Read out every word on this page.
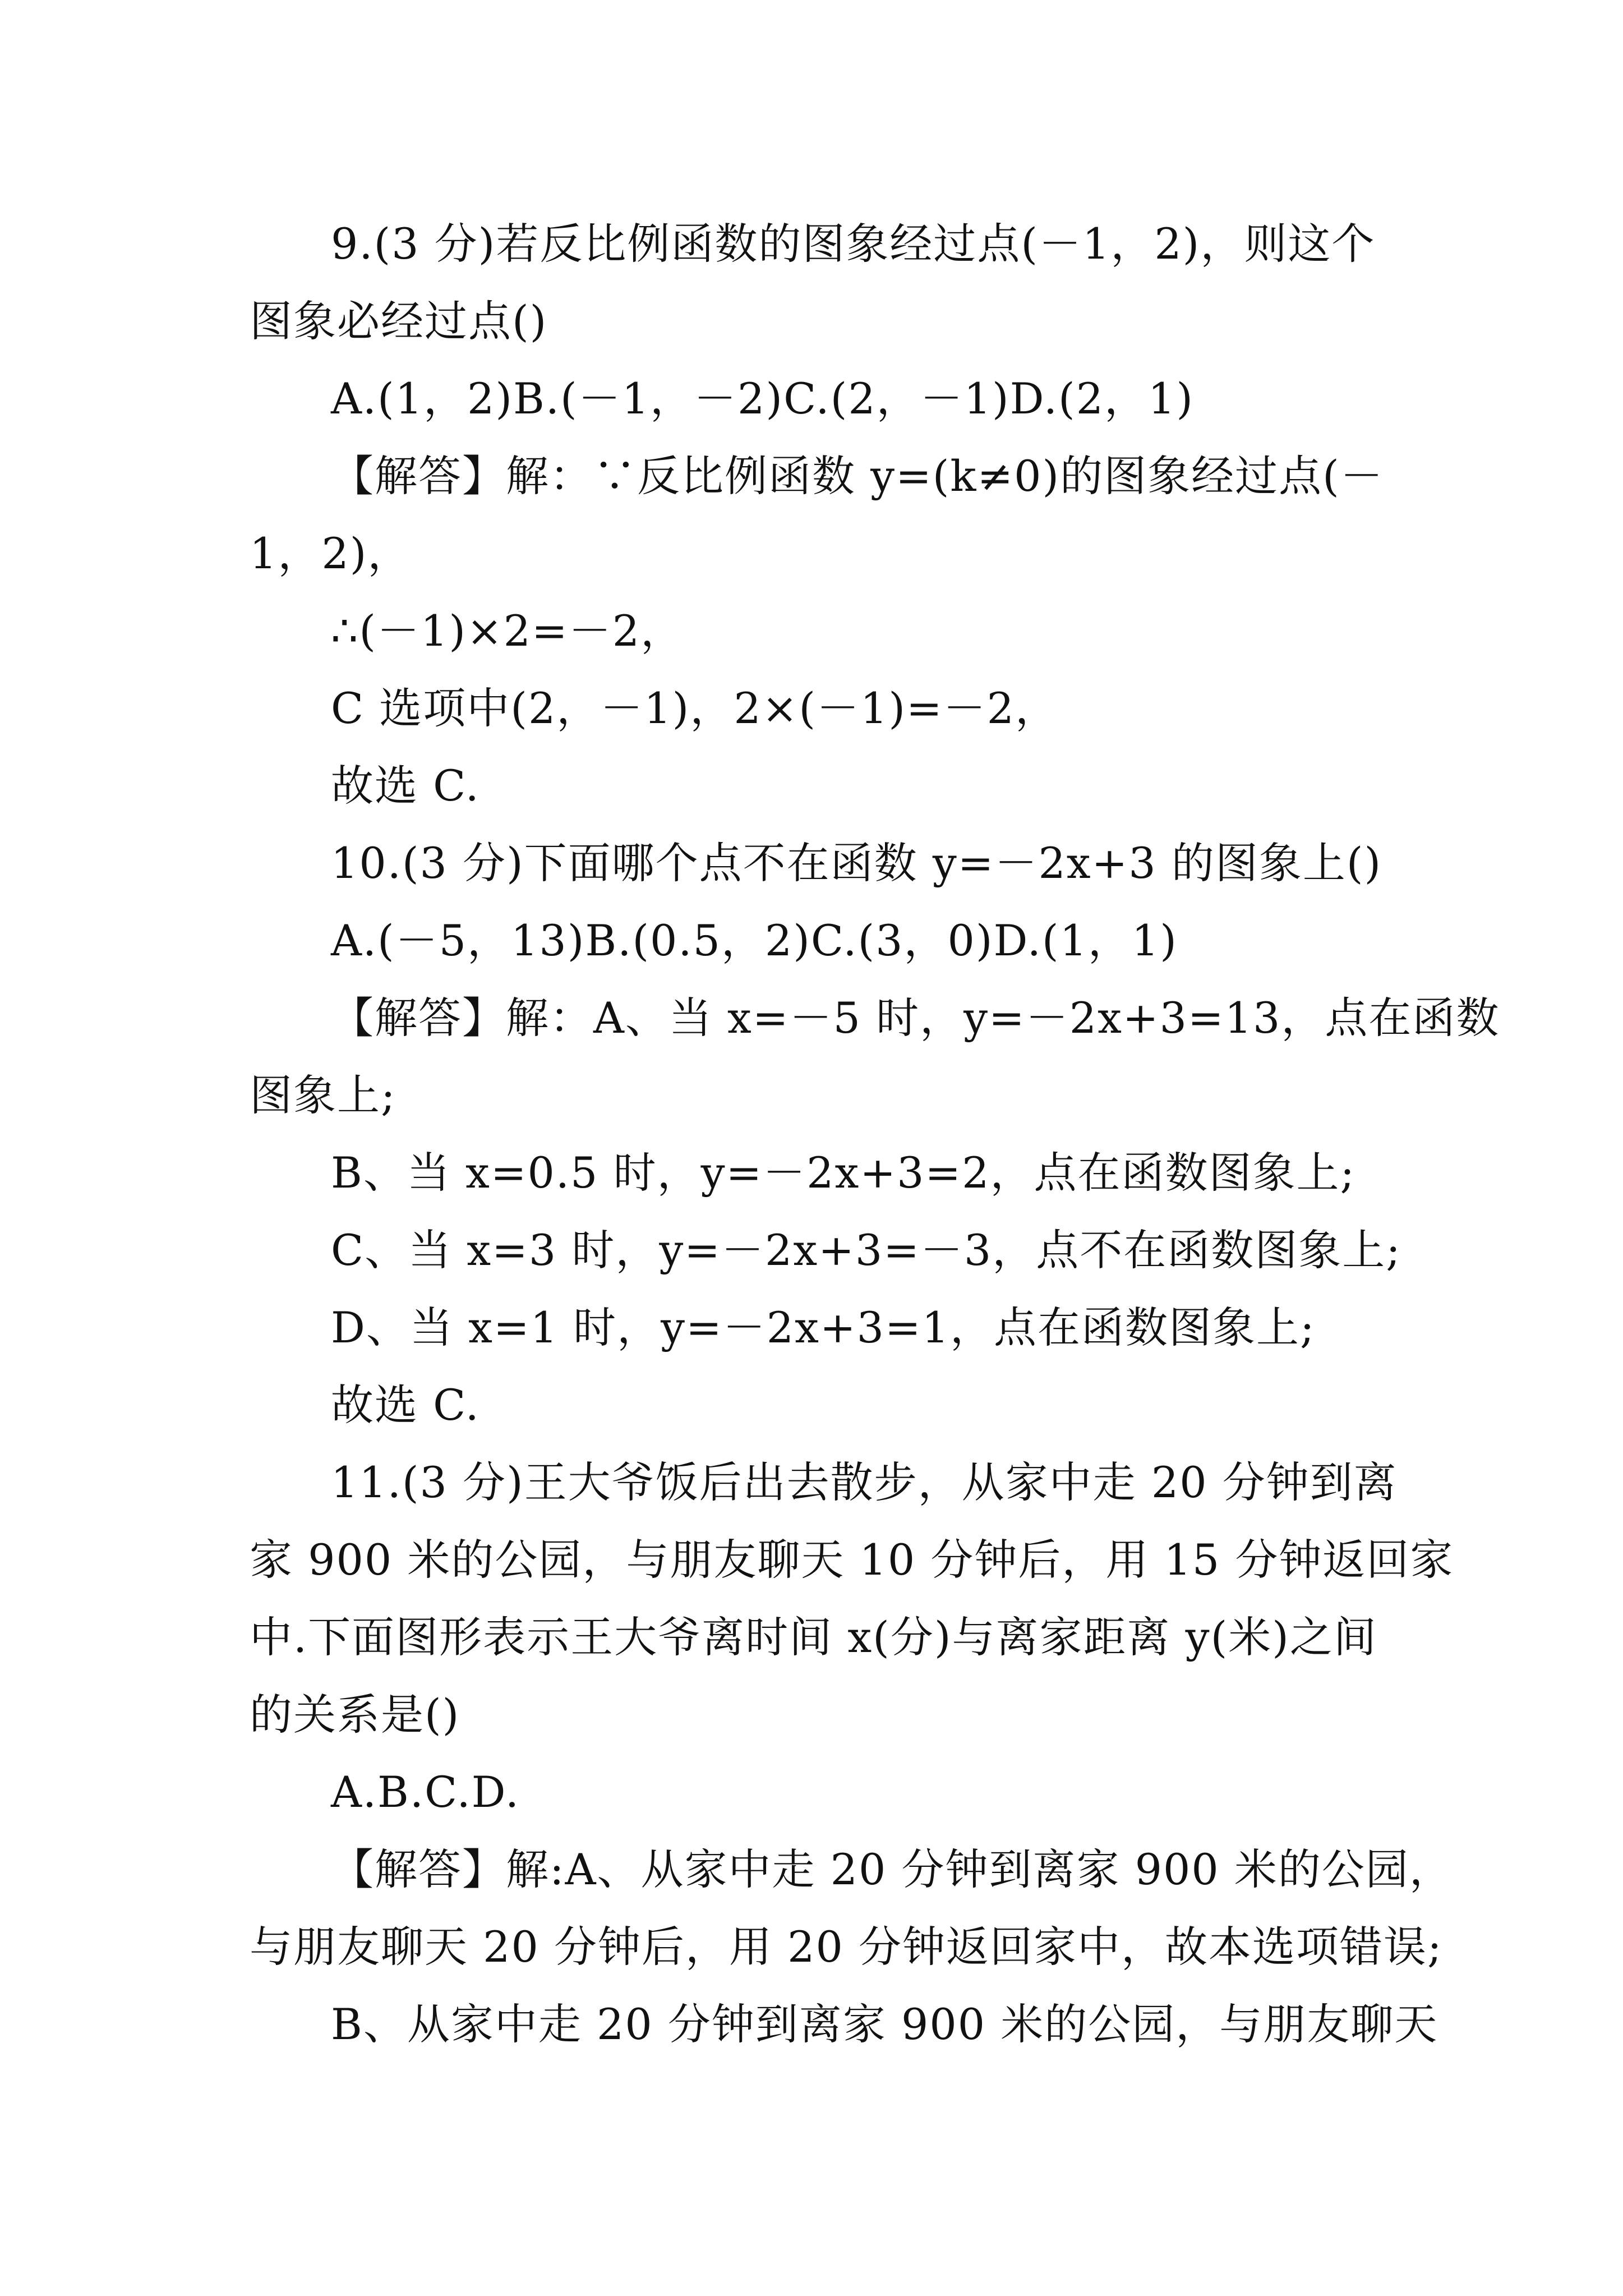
9.(3 分)若反比例函数的图象经过点(－1，2)，则这个
图象必经过点()
A.(1，2)B.(－1，－2)C.(2，－1)D.(2，1)
【解答】解：∵反比例函数 y=(k≠0)的图象经过点(－
1，2)，
∴(－1)×2=－2，
C 选项中(2，－1)，2×(－1)=－2，
故选 C.
10.(3 分)下面哪个点不在函数 y=－2x+3 的图象上()
A.(－5，13)B.(0.5，2)C.(3，0)D.(1，1)
【解答】解：A、当 x=－5 时，y=－2x+3=13，点在函数
图象上;
B、当 x=0.5 时，y=－2x+3=2，点在函数图象上;
C、当 x=3 时，y=－2x+3=－3，点不在函数图象上;
D、当 x=1 时，y=－2x+3=1，点在函数图象上;
故选 C.
11.(3 分)王大爷饭后出去散步，从家中走 20 分钟到离
家 900 米的公园，与朋友聊天 10 分钟后，用 15 分钟返回家
中.下面图形表示王大爷离时间 x(分)与离家距离 y(米)之间
的关系是()
A.B.C.D.
【解答】解:A、从家中走 20 分钟到离家 900 米的公园，
与朋友聊天 20 分钟后，用 20 分钟返回家中，故本选项错误;
B、从家中走 20 分钟到离家 900 米的公园，与朋友聊天
